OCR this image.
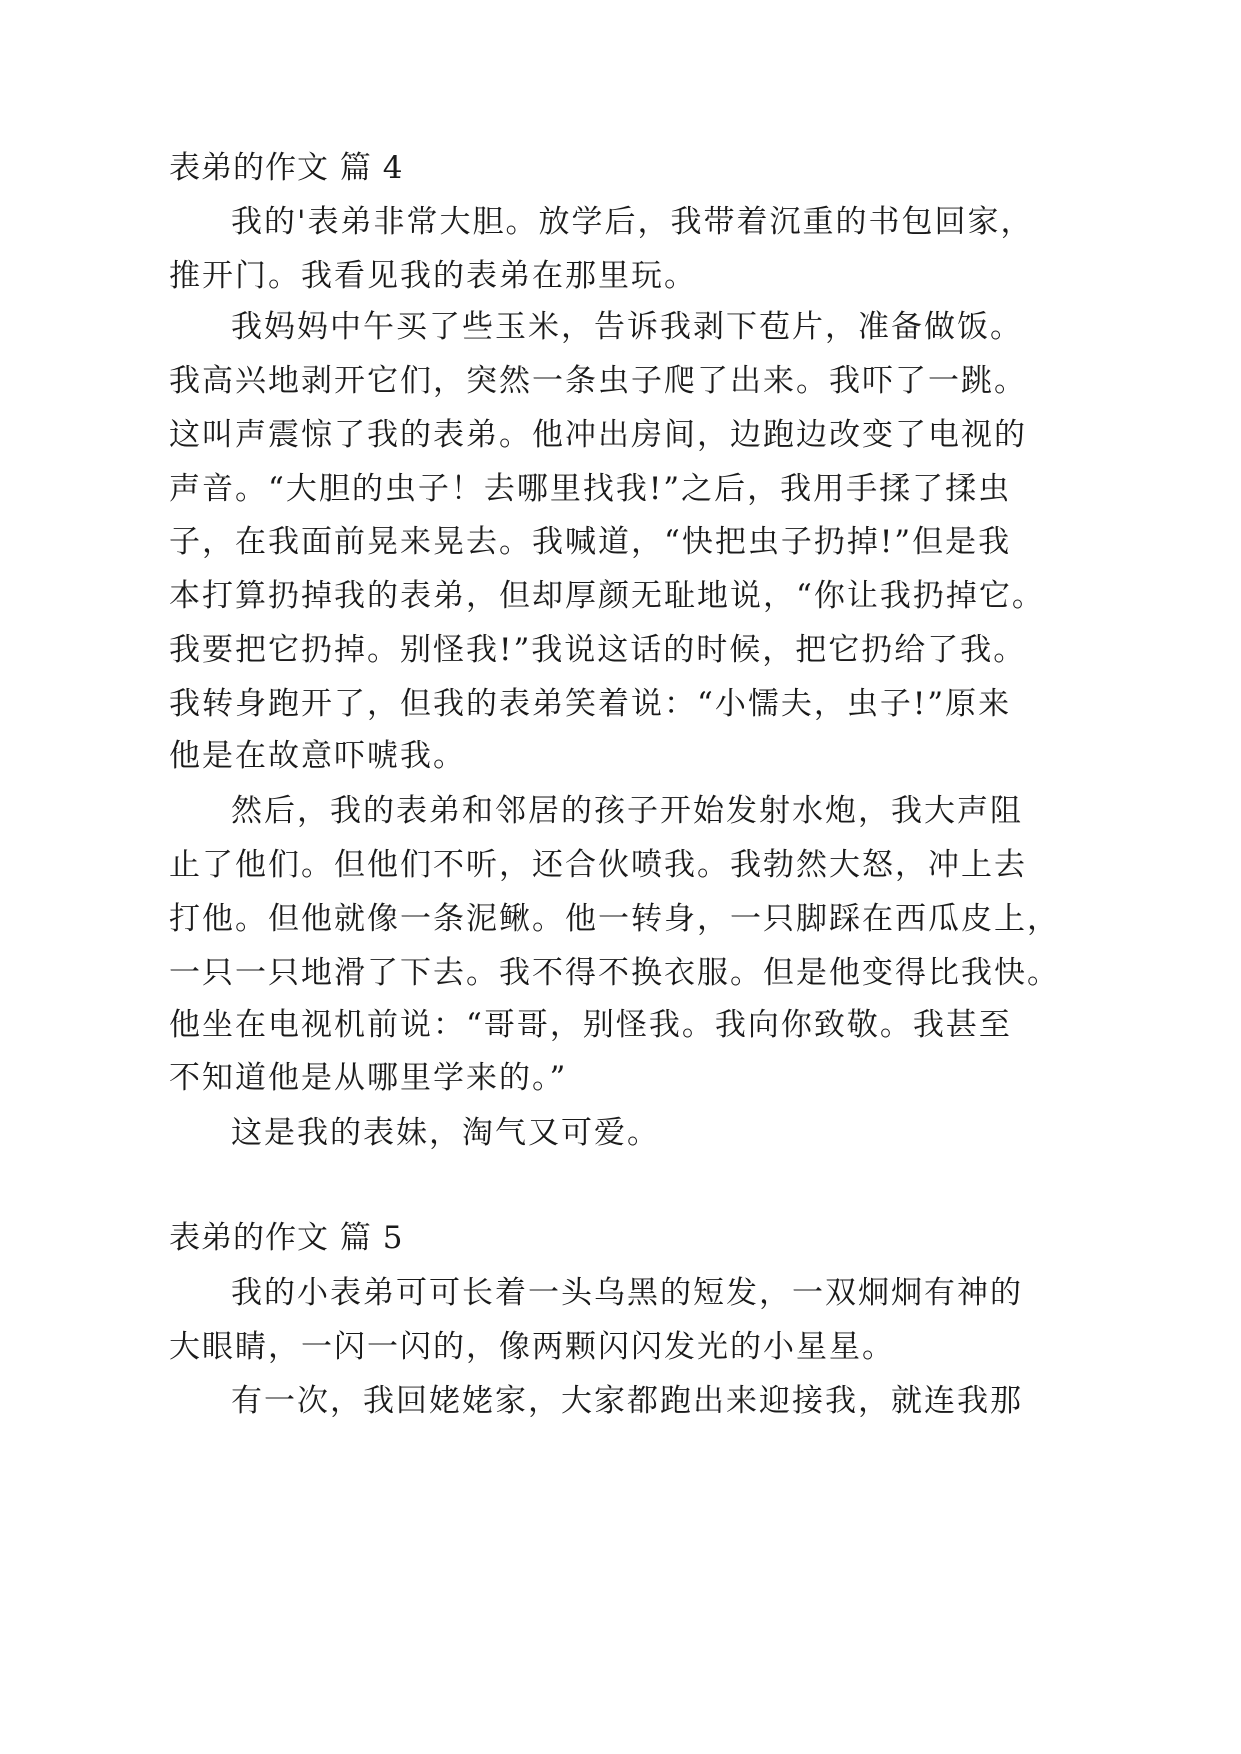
表弟的作文 篇 4
我的'表弟非常大胆。放学后，我带着沉重的书包回家，
推开门。我看见我的表弟在那里玩。
我妈妈中午买了些玉米，告诉我剥下苞片，准备做饭。
我高兴地剥开它们，突然一条虫子爬了出来。我吓了一跳。
这叫声震惊了我的表弟。他冲出房间，边跑边改变了电视的
声音。“大胆的虫子！去哪里找我!”之后，我用手揉了揉虫
子，在我面前晃来晃去。我喊道，“快把虫子扔掉!”但是我
本打算扔掉我的表弟，但却厚颜无耻地说，“你让我扔掉它。
我要把它扔掉。别怪我!”我说这话的时候，把它扔给了我。
我转身跑开了，但我的表弟笑着说：“小懦夫，虫子!”原来
他是在故意吓唬我。
然后，我的表弟和邻居的孩子开始发射水炮，我大声阻
止了他们。但他们不听，还合伙喷我。我勃然大怒，冲上去
打他。但他就像一条泥鳅。他一转身，一只脚踩在西瓜皮上，
一只一只地滑了下去。我不得不换衣服。但是他变得比我快。
他坐在电视机前说：“哥哥，别怪我。我向你致敬。我甚至
不知道他是从哪里学来的。”
这是我的表妹，淘气又可爱。
表弟的作文 篇 5
我的小表弟可可长着一头乌黑的短发，一双炯炯有神的
大眼睛，一闪一闪的，像两颗闪闪发光的小星星。
有一次，我回姥姥家，大家都跑出来迎接我，就连我那
